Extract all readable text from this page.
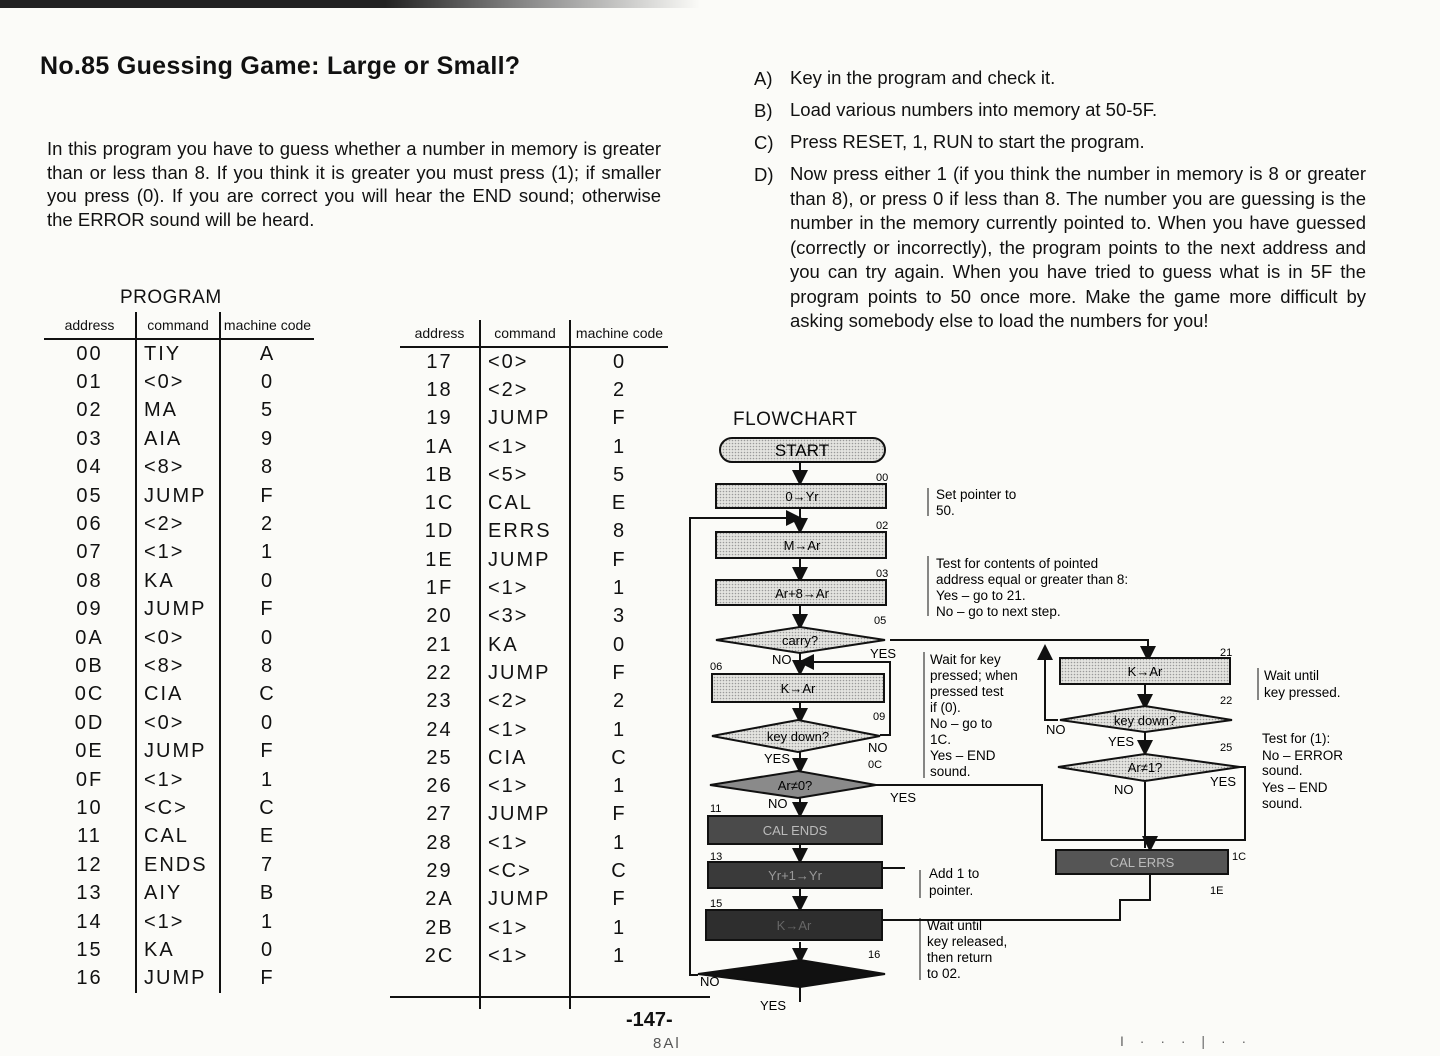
No.85 Guessing Game: Large or Small?

In this program you have to guess whether a number in memory is greater than or less than 8. If you think it is greater you must press (1); if smaller you press (0). If you are correct you will hear the END sound; otherwise the ERROR sound will be heard.

A) Key in the program and check it.
B) Load various numbers into memory at 50-5F.
C) Press RESET, 1, RUN to start the program.
D) Now press either 1 (if you think the number in memory is 8 or greater than 8), or press 0 if less than 8. The number you are guessing is the number in the memory currently pointed to. When you have guessed (correctly or incorrectly), the program points to the next address and you can try again. When you have tried to guess what is in 5F the program points to 50 once more. Make the game more difficult by asking somebody else to load the numbers for you!
PROGRAM
address	command	machine code
00	TIY	A
01	<0>	0
02	MA	5
03	AIA	9
04	<8>	8
05	JUMP	F
06	<2>	2
07	<1>	1
08	KA	0
09	JUMP	F
0A	<0>	0
0B	<8>	8
0C	CIA	C
0D	<0>	0
0E	JUMP	F
0F	<1>	1
10	<C>	C
11	CAL	E
12	ENDS	7
13	AIY	B
14	<1>	1
15	KA	0
16	JUMP	F
address	command	machine code
17	<0>	0
18	<2>	2
19	JUMP	F
1A	<1>	1
1B	<5>	5
1C	CAL	E
1D	ERRS	8
1E	JUMP	F
1F	<1>	1
20	<3>	3
21	KA	0
22	JUMP	F
23	<2>	2
24	<1>	1
25	CIA	C
26	<1>	1
27	JUMP	F
28	<1>	1
29	<C>	C
2A	JUMP	F
2B	<1>	1
2C	<1>	1

FLOWCHART
START
0→Yr
M→Ar
Ar+8→Ar
K→Ar
K→Ar
CAL ENDS
Yr+1→Yr
K→Ar
CAL ERRS
carry?
key down?
Ar≠0?
key down?
Ar≠1?
00
02
03
05
06
09
0C
11
13
15
16
21
22
25
1C
1E
NO	YES
YES
NO
NO	YES
NO
YES
NO
YES
NO
YES
Set pointer to
50.
Test for contents of pointed
address equal or greater than 8:
Yes – go to 21.
No – go to next step.
Wait for key
pressed; when
pressed test
if (0).
No – go to
1C.
Yes – END
sound.
Wait until
key pressed.
Test for (1):
No – ERROR
sound.
Yes – END
sound.
Add 1 to
pointer.
Wait until
key released,
then return
to 02.
-147-
8Al	I · · · | · ·
